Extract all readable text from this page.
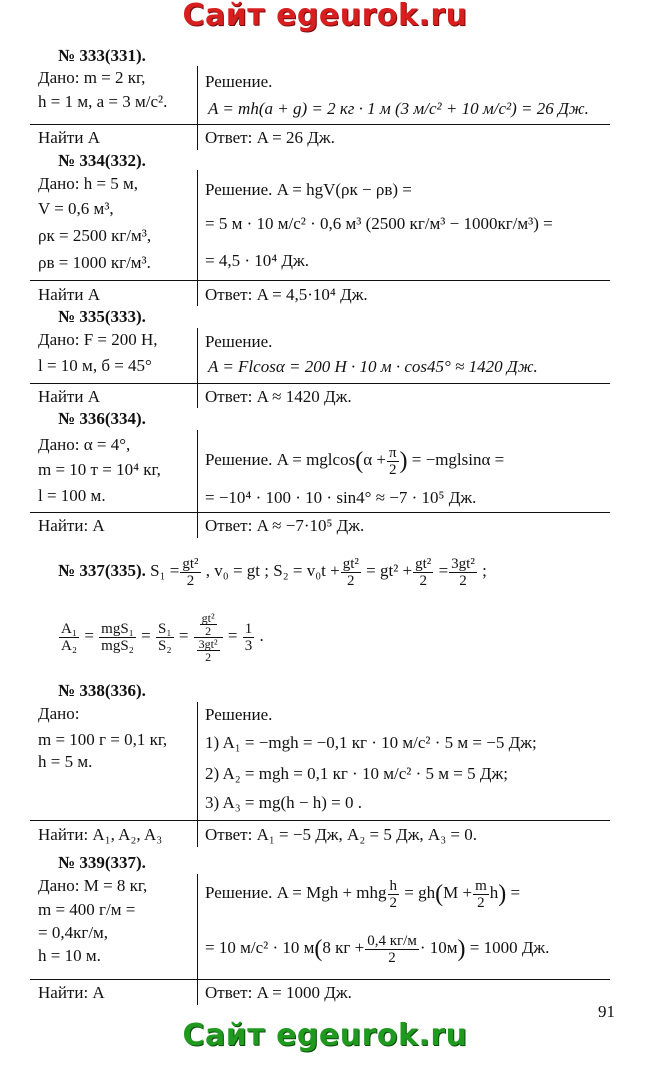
Сайт egeurok.ru
№ 333(331).
Дано: m = 2 кг,
h = 1 м, a = 3 м/с².
Решение.
A = mh(a + g) = 2 кг · 1 м (3 м/с² + 10 м/с²) = 26 Дж.
Найти A	Ответ: A = 26 Дж.
№ 334(332).
Дано: h = 5 м,
V = 0,6 м³,
ρк = 2500 кг/м³,
ρв = 1000 кг/м³.
Решение. A = hgV(ρк − ρв) =
= 5 м · 10 м/с² · 0,6 м³ (2500 кг/м³ − 1000кг/м³) =
= 4,5 · 10⁴ Дж.
Найти A	Ответ: A = 4,5·10⁴ Дж.
№ 335(333).
Дано: F = 200 Н,
l = 10 м, б = 45°
Решение.
A = Flcosα = 200 Н · 10 м · cos45° ≈ 1420 Дж.
Найти A	Ответ: A ≈ 1420 Дж.
№ 336(334).
Дано: α = 4°,
m = 10 т = 10⁴ кг,
l = 100 м.
Решение. $A = mglcos(\alpha + \frac{\pi}{2}$ ) = −mglsinα =
= −10⁴ · 100 · 10 · sin4° ≈ −7 · 10⁵ Дж.
Найти: A	Ответ: A ≈ −7·10⁵ Дж.
№ 337(335). $S_1 = \frac{\text{gt²}}{2}$ , v₀ = gt ; $S_2 = v_0t + \frac{\text{gt²}}{2} = gt^2 + \frac{\text{gt²}}{2} = \frac{\text{3gt²}}{2}$ ;
$\frac{\text{A₁}}{\text{A₂}} = \frac{\text{mgS₁}}{\text{mgS₂}} = \frac{\text{S₁}}{\text{S₂}} = \frac{\frac{\text{gt²}}{2}}{\frac{\text{3gt²}}{2}} = \frac{1}{3}$ .
№ 338(336).
Дано:
m = 100 г = 0,1 кг,
h = 5 м.
Решение.
1) A₁ = −mgh = −0,1 кг · 10 м/с² · 5 м = −5 Дж;
2) A₂ = mgh = 0,1 кг · 10 м/с² · 5 м = 5 Дж;
3) A₃ = mg(h − h) = 0 .
Найти: A₁, A₂, A₃	Ответ: A₁ = −5 Дж, A₂ = 5 Дж, A₃ = 0.
№ 339(337).
Дано: M = 8 кг,
m = 400 г/м =
= 0,4кг/м,
h = 10 м.
Решение. A = Mgh + mhg $\frac{h}{2} = gh(M + \frac{m}{2} h)$ =
= 10 м/с² · 10 м(8 кг + $\frac{0,4 кг/м}{2} \cdot 10м) = 1000$ Дж.
Найти: A	Ответ: A = 1000 Дж.
91
Сайт egeurok.ru
